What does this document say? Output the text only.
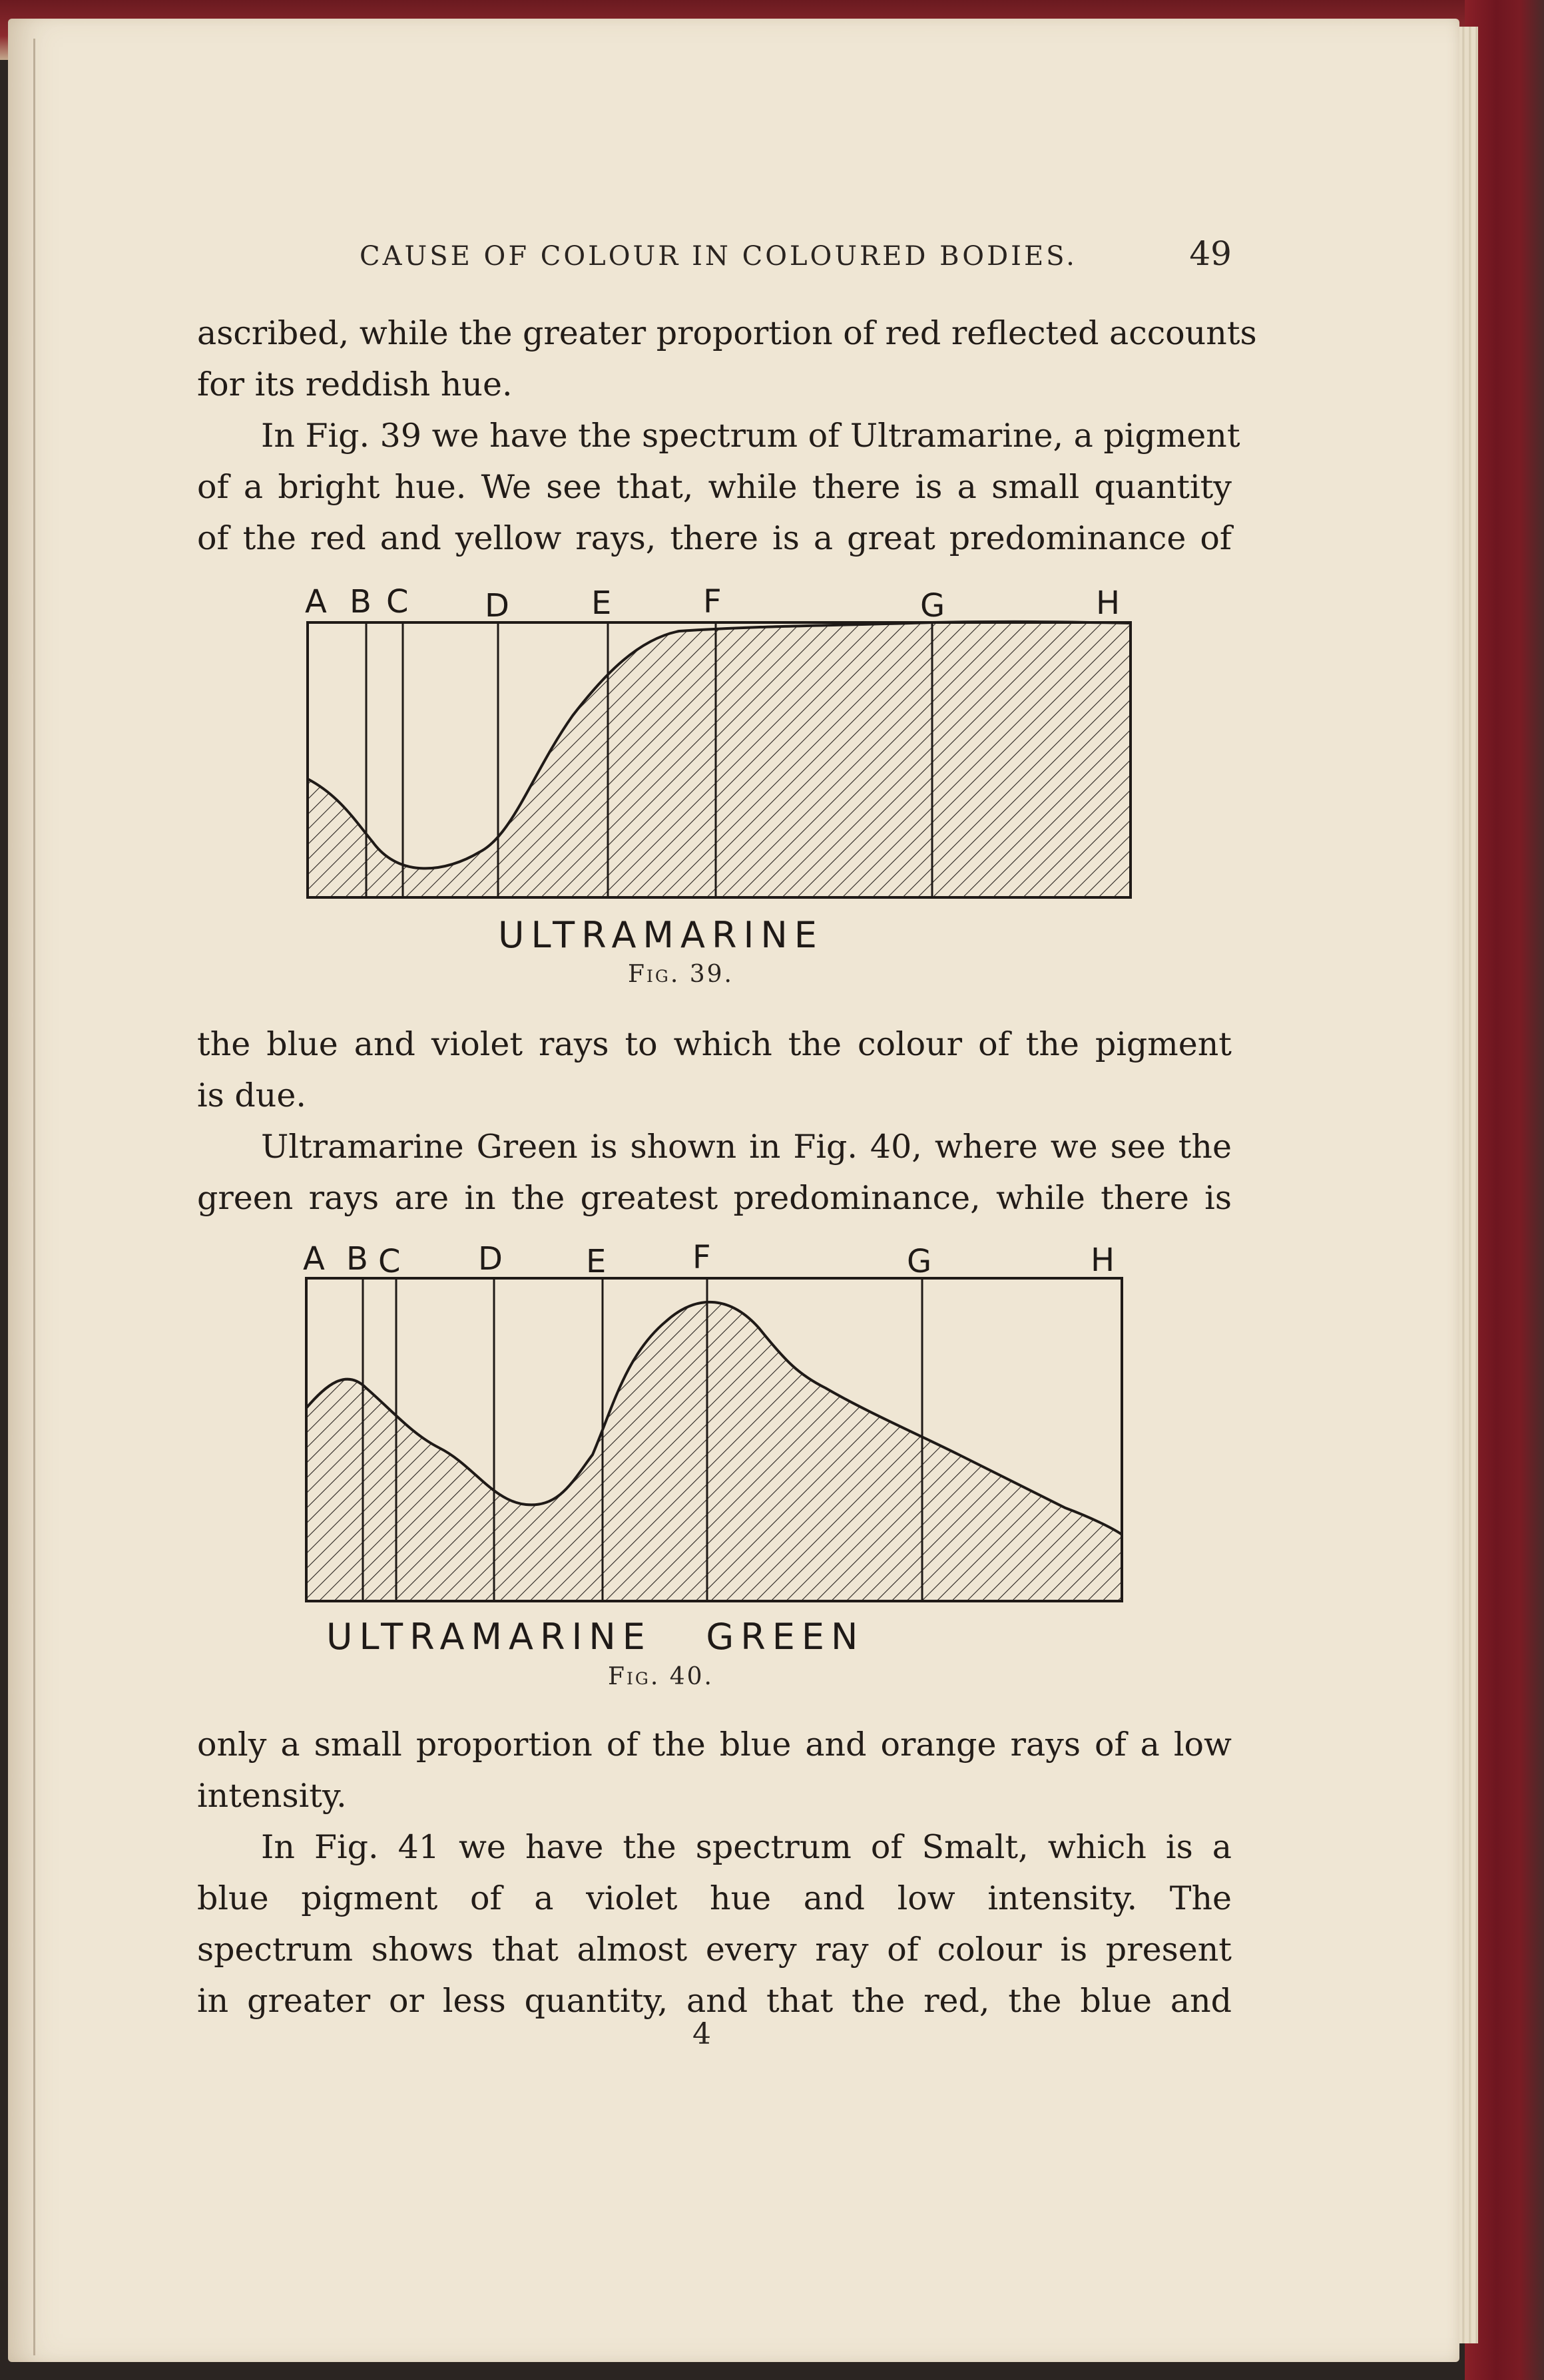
CAUSE OF COLOUR IN COLOURED BODIES.	49
ascribed, while the greater proportion of red reflected accounts
for its reddish hue.
In Fig. 39 we have the spectrum of Ultramarine, a pigment
of a bright hue. We see that, while there is a small quantity
of the red and yellow rays, there is a great predominance of
A B C D	E	F	G	H
ULTRAMARINE
Fig. 39.
the blue and violet rays to which the colour of the pigment
is due.
Ultramarine Green is shown in Fig. 40, where we see the
green rays are in the greatest predominance, while there is
A B C D	E	F	G	H
ULTRAMARINE   GREEN
Fig. 40.
only a small proportion of the blue and orange rays of a low
intensity.
In Fig. 41 we have the spectrum of Smalt, which is a
blue pigment of a violet hue and low intensity. The
spectrum shows that almost every ray of colour is present
in greater or less quantity, and that the red, the blue and
4
